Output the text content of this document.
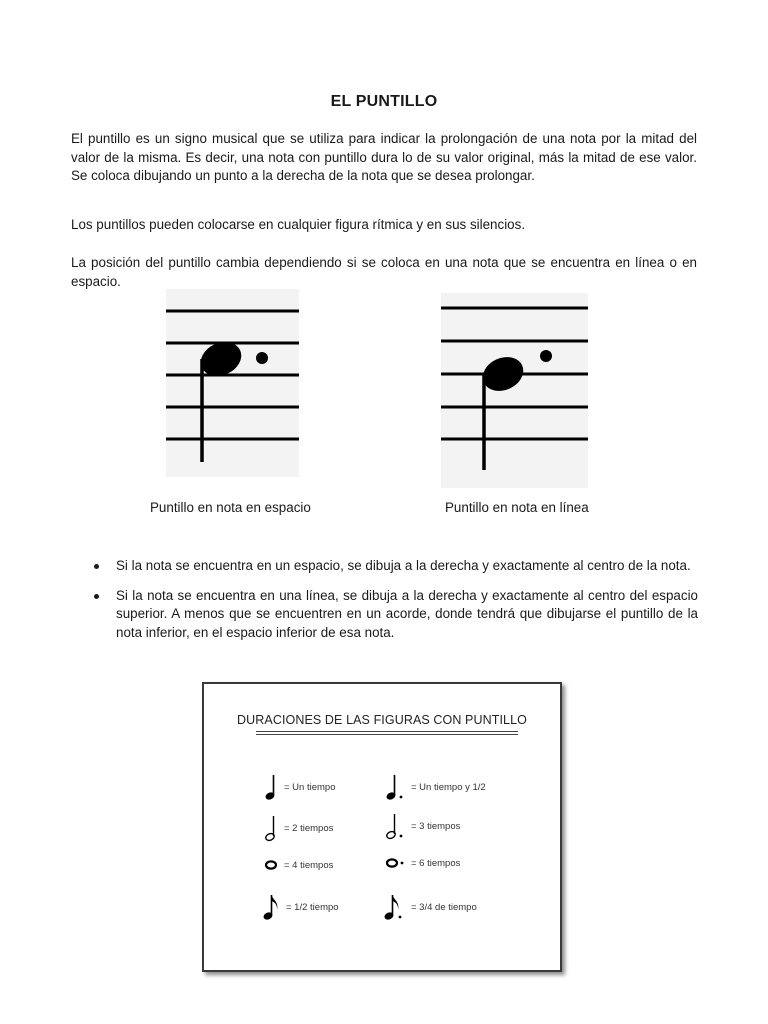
EL PUNTILLO

El puntillo es un signo musical que se utiliza para indicar la prolongación de una nota por la mitad del valor de la misma. Es decir, una nota con puntillo dura lo de su valor original, más la mitad de ese valor. Se coloca dibujando un punto a la derecha de la nota que se desea prolongar.

Los puntillos pueden colocarse en cualquier figura rítmica y en sus silencios.

La posición del puntillo cambia dependiendo si se coloca en una nota que se encuentra en línea o en espacio.

Puntillo en nota en espacio	Puntillo en nota en línea
Si la nota se encuentra en un espacio, se dibuja a la derecha y exactamente al centro de la nota.
Si la nota se encuentra en una línea, se dibuja a la derecha y exactamente al centro del espacio superior. A menos que se encuentren en un acorde, donde tendrá que dibujarse el puntillo de la nota inferior, en el espacio inferior de esa nota.
DURACIONES DE LAS FIGURAS CON PUNTILLO
= Un tiempo	= Un tiempo y 1/2
= 2 tiempos	= 3 tiempos
= 4 tiempos	= 6 tiempos
= 1/2 tiempo	= 3/4 de tiempo
